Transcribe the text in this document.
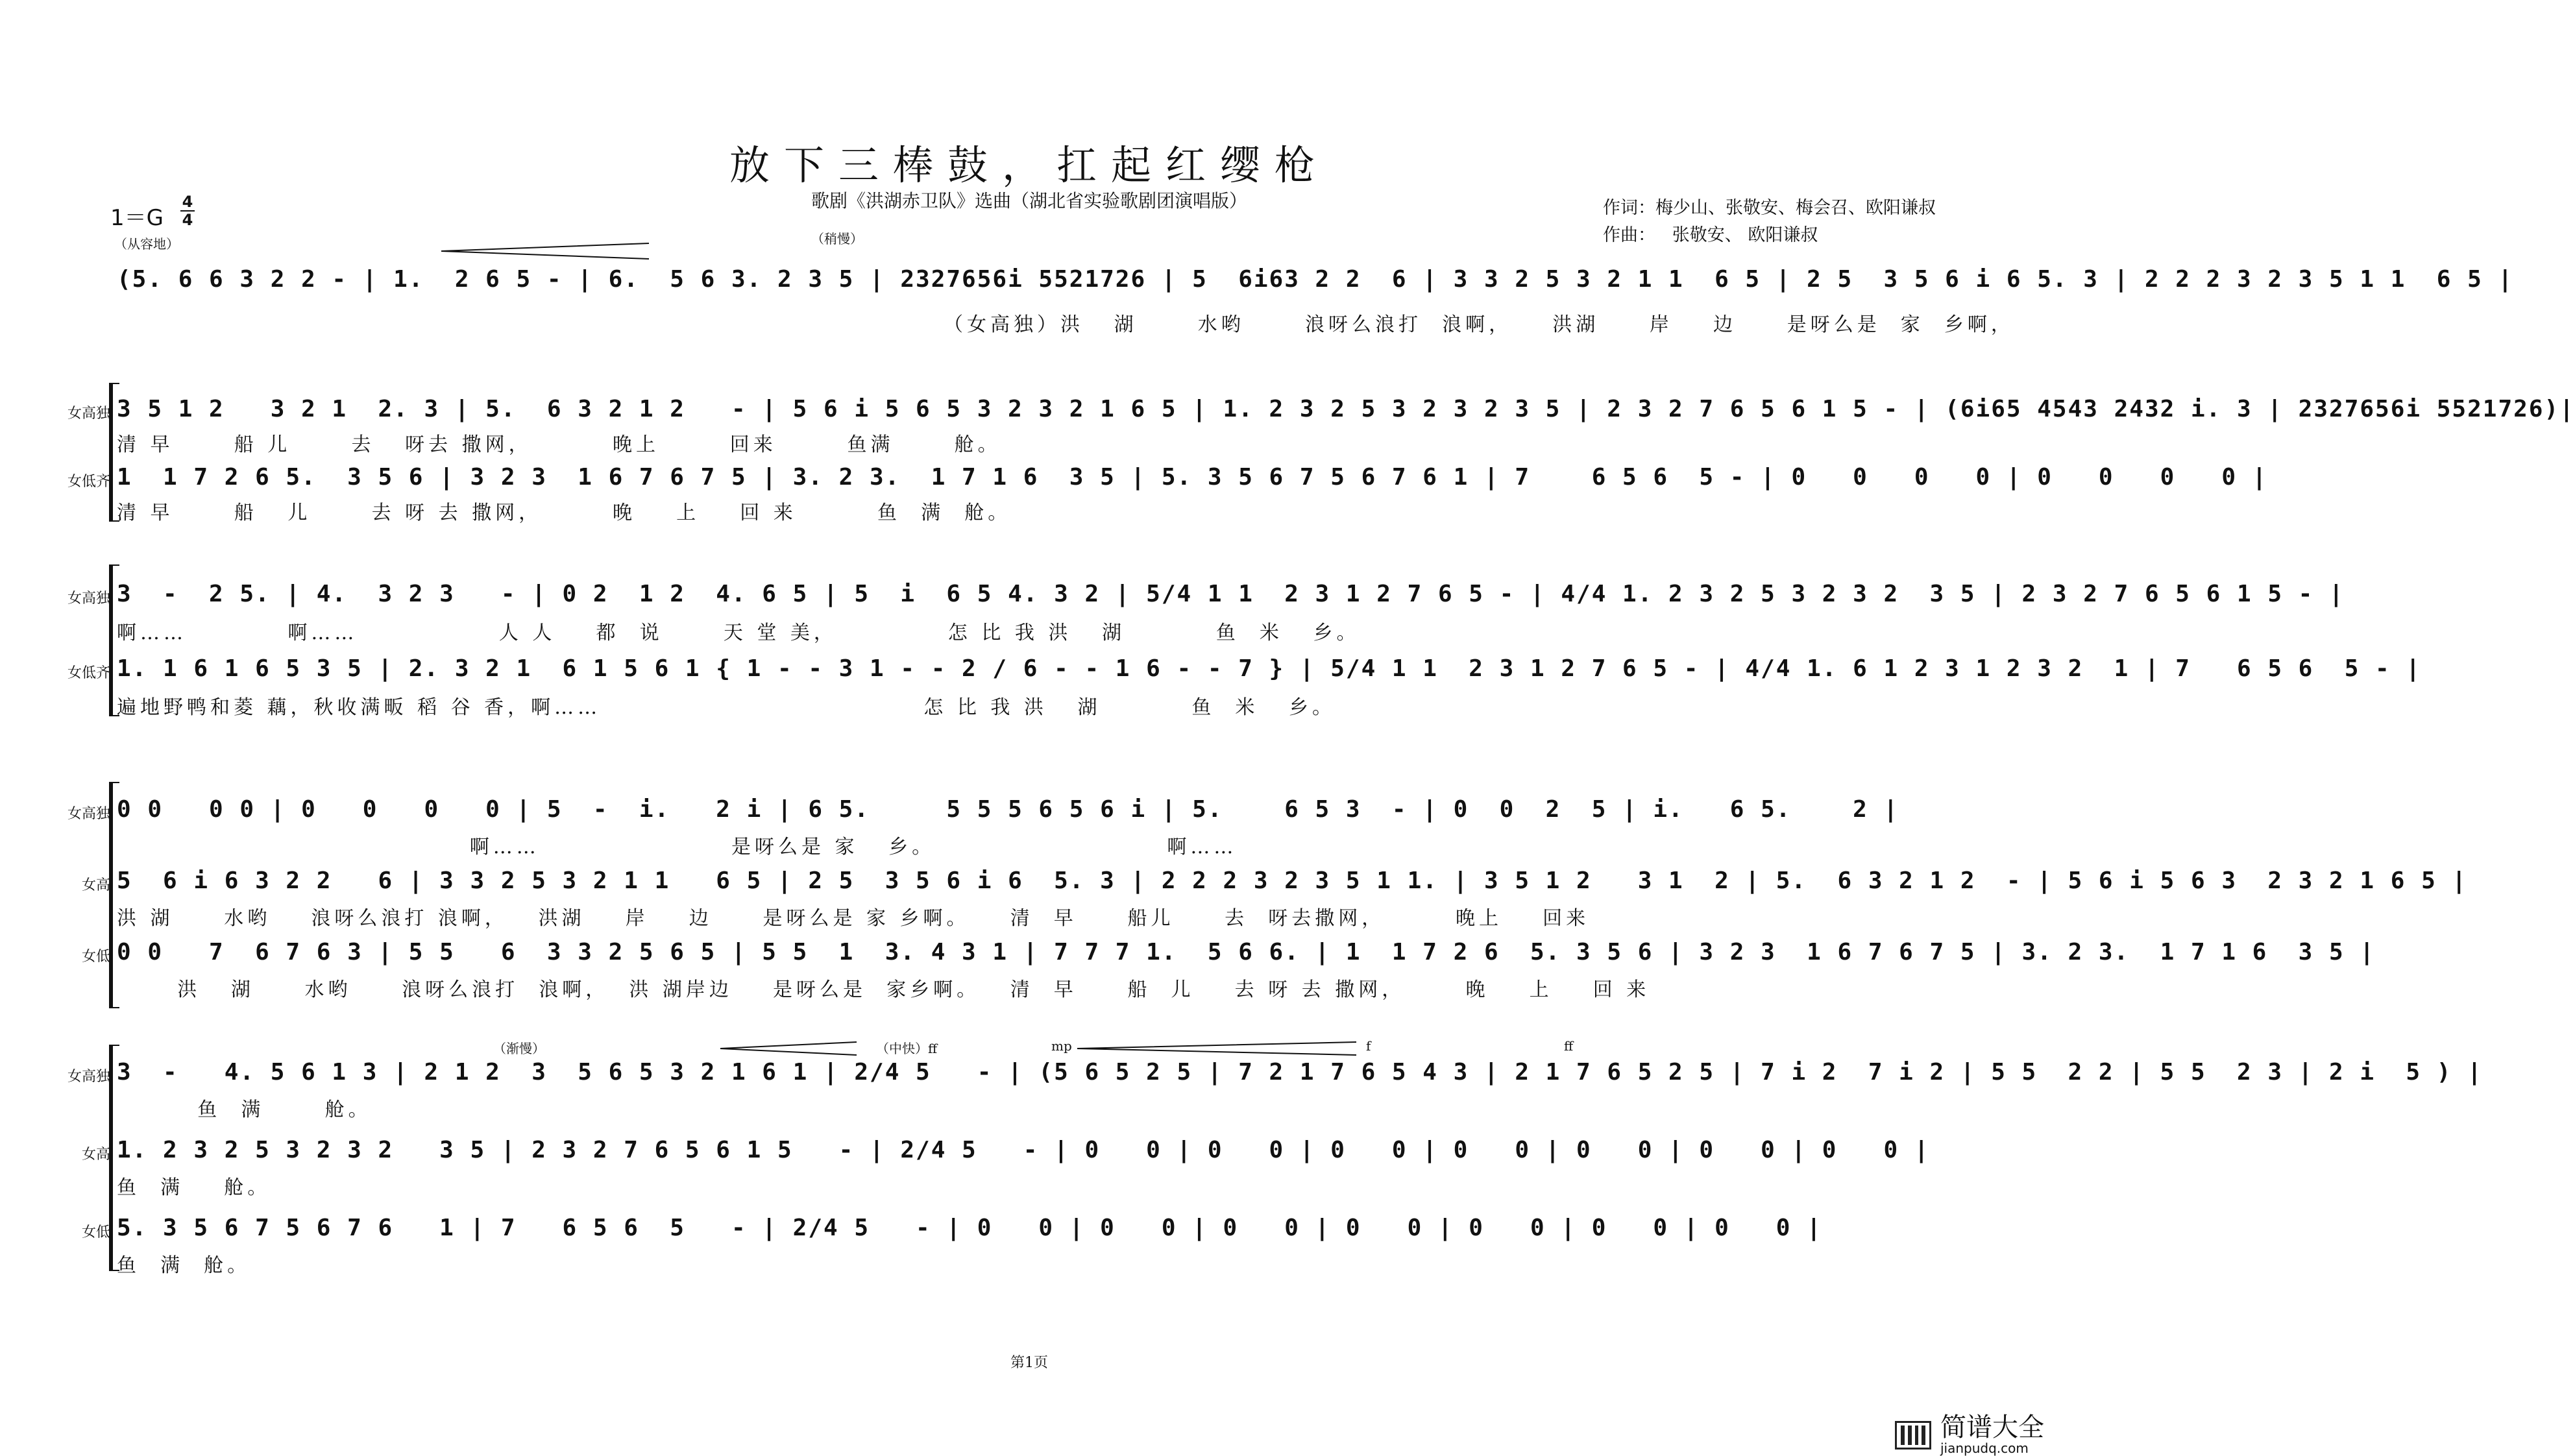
放下三棒鼓，扛起红缨枪
歌剧《洪湖赤卫队》选曲（湖北省实验歌剧团演唱版）	作词：梅少山、张敬安、梅会召、欧阳谦叔
作曲：   张敬安、 欧阳谦叔
1＝G
4
4
（从容地）	（稍慢）
(5. 6 6 3 2 2 - | 1.  2 6 5 - | 6.  5 6 3. 2 3 5 | 2327656i 5521726 | 5  6i63 2 2  6 | 3 3 2 5 3 2 1 1  6 5 | 2 5  3 5 6 i 6 5. 3 | 2 2 2 3 2 3 5 1 1  6 5 |
（女高独）洪   湖      水哟      浪呀么浪打  浪啊，    洪湖     岸    边     是呀么是  家  乡啊，
女高独 3 5 1 2   3 2 1  2. 3 | 5.  6 3 2 1 2   - | 5 6 i 5 6 5 3 2 3 2 1 6 5 | 1. 2 3 2 5 3 2 3 2 3 5 | 2 3 2 7 6 5 6 1 5 - | (6i65 4543 2432 i. 3 | 2327656i 5521726)|
清 早      船 儿      去   呀去 撒网，        晚上       回来       鱼满      舱。
女低齐 1  1 7 2 6 5.  3 5 6 | 3 2 3  1 6 7 6 7 5 | 3. 2 3.  1 7 1 6  3 5 | 5. 3 5 6 7 5 6 7 6 1 | 7    6 5 6  5 - | 0   0   0   0 | 0   0   0   0 |
清 早      船   儿      去 呀 去 撒网，       晚    上    回 来        鱼  满  舱。
女高独 3  -  2 5. | 4.  3 2 3   - | 0 2  1 2  4. 6 5 | 5  i  6 5 4. 3 2 | 5/4 1 1  2 3 1 2 7 6 5 - | 4/4 1. 2 3 2 5 3 2 3 2  3 5 | 2 3 2 7 6 5 6 1 5 - |
啊……          啊……              人 人    都  说      天 堂 美，           怎 比 我 洪   湖         鱼  米   乡。
女低齐 1. 1 6 1 6 5 3 5 | 2. 3 2 1  6 1 5 6 1 { 1 - - 3 1 - - 2 / 6 - - 1 6 - - 7 } | 5/4 1 1  2 3 1 2 7 6 5 - | 4/4 1. 6 1 2 3 1 2 3 2  1 | 7   6 5 6  5 - |
遍地野鸭和菱 藕，秋收满畈 稻 谷 香，啊……                                怎 比 我 洪   湖         鱼  米   乡。
女高独 0 0   0 0 | 0   0   0   0 | 5  -  i.   2 i | 6 5.     5 5 5 6 5 6 i | 5.    6 5 3  - | 0  0  2  5 | i.   6 5.    2 |
啊……                   是呀么是 家   乡。                       啊……
女高 5  6 i 6 3 2 2   6 | 3 3 2 5 3 2 1 1   6 5 | 2 5  3 5 6 i 6  5. 3 | 2 2 2 3 2 3 5 1 1. | 3 5 1 2   3 1  2 | 5.  6 3 2 1 2  - | 5 6 i 5 6 3  2 3 2 1 6 5 |
洪 湖     水哟    浪呀么浪打 浪啊，   洪湖    岸    边     是呀么是 家 乡啊。    清  早     船儿     去  呀去撒网，       晚上    回来
女低 0 0   7  6 7 6 3 | 5 5   6  3 3 2 5 6 5 | 5 5  1  3. 4 3 1 | 7 7 7 1.  5 6 6. | 1  1 7 2 6  5. 3 5 6 | 3 2 3  1 6 7 6 7 5 | 3. 2 3.  1 7 1 6  3 5 |
洪   湖     水哟     浪呀么浪打  浪啊，  洪 湖岸边    是呀么是  家乡啊。   清  早     船  儿    去 呀 去 撒网，      晚    上    回 来
（渐慢）	（中快）ff	mp	f	ff
女高独 3  -   4. 5 6 1 3 | 2 1 2  3  5 6 5 3 2 1 6 1 | 2/4 5   - | (5 6 5 2 5 | 7 2 1 7 6 5 4 3 | 2 1 7 6 5 2 5 | 7 i 2  7 i 2 | 5 5  2 2 | 5 5  2 3 | 2 i  5 ) |
鱼  满      舱。
女高 1. 2 3 2 5 3 2 3 2   3 5 | 2 3 2 7 6 5 6 1 5   - | 2/4 5   - | 0   0 | 0   0 | 0   0 | 0   0 | 0   0 | 0   0 | 0   0 |
鱼  满    舱。
女低 5. 3 5 6 7 5 6 7 6   1 | 7   6 5 6  5   - | 2/4 5   - | 0   0 | 0   0 | 0   0 | 0   0 | 0   0 | 0   0 | 0   0 |
鱼  满  舱。
第1页
简谱大全
jianpudq.com
